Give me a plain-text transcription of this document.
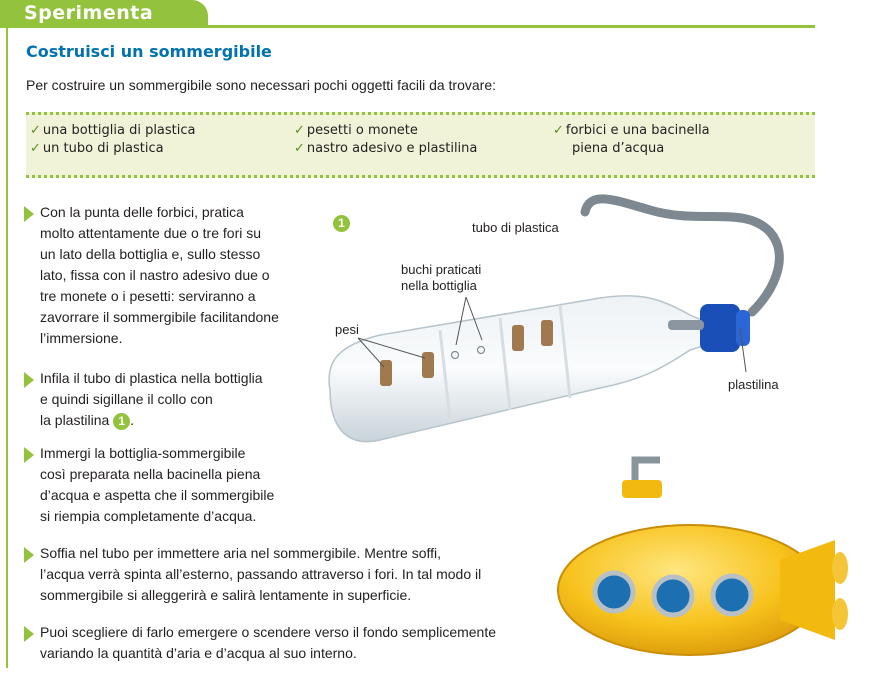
Sperimenta
Costruisci un sommergibile
Per costruire un sommergibile sono necessari pochi oggetti facili da trovare:
✓ una bottiglia di plastica
✓ un tubo di plastica
✓ pesetti o monete
✓ nastro adesivo e plastilina
✓ forbici e una bacinella
piena d’acqua
Con la punta delle forbici, pratica
molto attentamente due o tre fori su
un lato della bottiglia e, sullo stesso
lato, fissa con il nastro adesivo due o
tre monete o i pesetti: serviranno a
zavorrare il sommergibile facilitandone
l’immersione.
Infila il tubo di plastica nella bottiglia
e quindi sigillane il collo con
la plastilina 1 .
Immergi la bottiglia-sommergibile
così preparata nella bacinella piena
d’acqua e aspetta che il sommergibile
si riempia completamente d’acqua.
Soffia nel tubo per immettere aria nel sommergibile. Mentre soffi,
l’acqua verrà spinta all’esterno, passando attraverso i fori. In tal modo il
sommergibile si alleggerirà e salirà lentamente in superficie.
Puoi scegliere di farlo emergere o scendere verso il fondo semplicemente
variando la quantità d’aria e d’acqua al suo interno.
1	tubo di plastica
buchi praticati
nella bottiglia
pesi
plastilina
